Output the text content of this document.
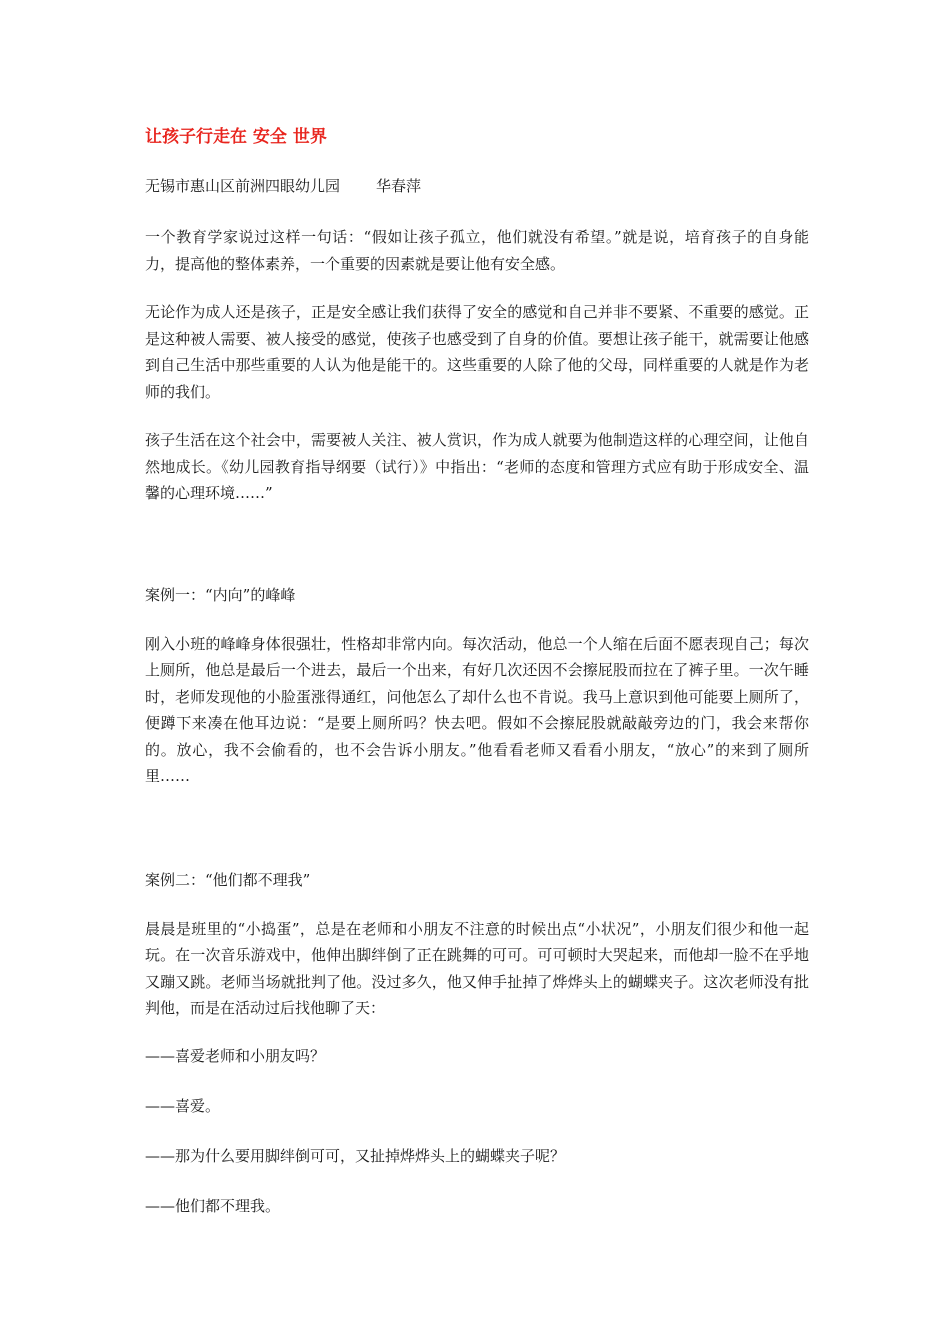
让孩子行走在 安全 世界
无锡市惠山区前洲四眼幼儿园 华春萍

一个教育学家说过这样一句话：“假如让孩子孤立，他们就没有希望。”就是说，培育孩子的自身能力，提高他的整体素养，一个重要的因素就是要让他有安全感。

无论作为成人还是孩子，正是安全感让我们获得了安全的感觉和自己并非不要紧、不重要的感觉。正是这种被人需要、被人接受的感觉，使孩子也感受到了自身的价值。要想让孩子能干，就需要让他感到自己生活中那些重要的人认为他是能干的。这些重要的人除了他的父母，同样重要的人就是作为老师的我们。

孩子生活在这个社会中，需要被人关注、被人赏识，作为成人就要为他制造这样的心理空间，让他自然地成长。《幼儿园教育指导纲要（试行）》中指出：“老师的态度和管理方式应有助于形成安全、温馨的心理环境……”

案例一：“内向”的峰峰

刚入小班的峰峰身体很强壮，性格却非常内向。每次活动，他总一个人缩在后面不愿表现自己；每次上厕所，他总是最后一个进去，最后一个出来，有好几次还因不会擦屁股而拉在了裤子里。一次午睡时，老师发现他的小脸蛋涨得通红，问他怎么了却什么也不肯说。我马上意识到他可能要上厕所了，便蹲下来凑在他耳边说：“是要上厕所吗？快去吧。假如不会擦屁股就敲敲旁边的门，我会来帮你的。放心，我不会偷看的，也不会告诉小朋友。”他看看老师又看看小朋友，“放心”的来到了厕所里……

案例二：“他们都不理我”

晨晨是班里的“小捣蛋”，总是在老师和小朋友不注意的时候出点“小状况”，小朋友们很少和他一起玩。在一次音乐游戏中，他伸出脚绊倒了正在跳舞的可可。可可顿时大哭起来，而他却一脸不在乎地又蹦又跳。老师当场就批判了他。没过多久，他又伸手扯掉了烨烨头上的蝴蝶夹子。这次老师没有批判他，而是在活动过后找他聊了天：

——喜爱老师和小朋友吗？

——喜爱。

——那为什么要用脚绊倒可可，又扯掉烨烨头上的蝴蝶夹子呢？

——他们都不理我。
